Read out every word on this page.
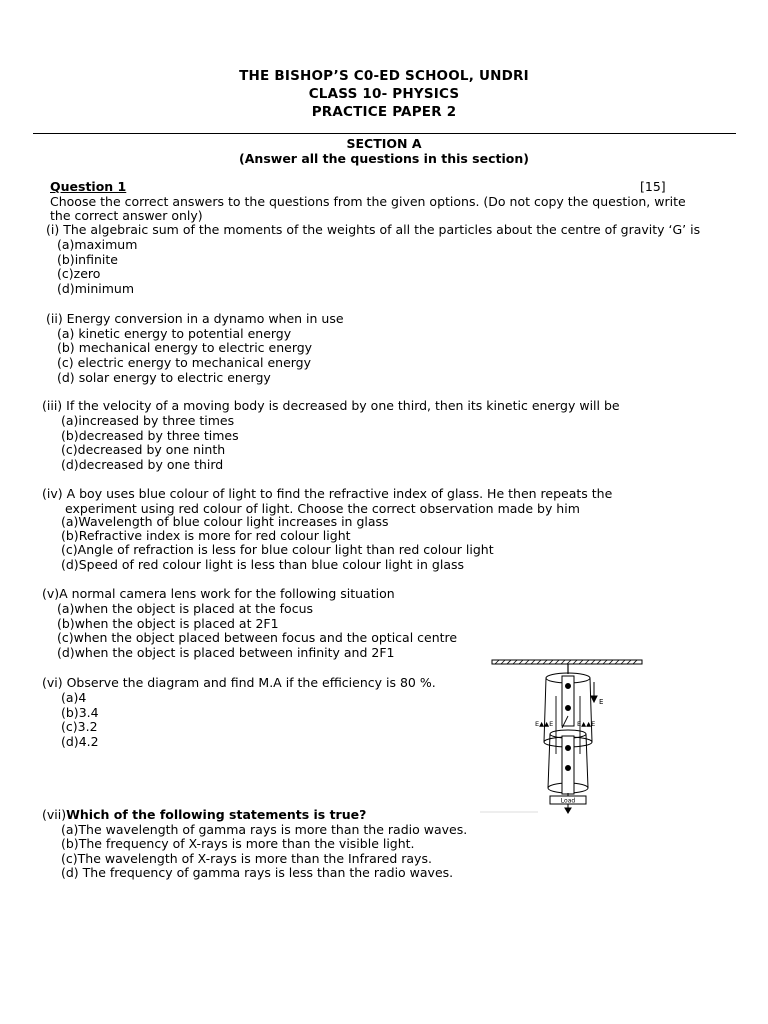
THE BISHOP’S C0-ED SCHOOL, UNDRI
CLASS 10- PHYSICS
PRACTICE PAPER 2
SECTION A
(Answer all the questions in this section)
Question 1	[15]
Choose the correct answers to the questions from the given options. (Do not copy the question, write
the correct answer only)
(i) The algebraic sum of the moments of the weights of all the particles about the centre of gravity ‘G’ is
(a)maximum
(b)infinite
(c)zero
(d)minimum
(ii) Energy conversion in a dynamo when in use
(a) kinetic energy to potential energy
(b) mechanical energy to electric energy
(c) electric energy to mechanical energy
(d) solar energy to electric energy
(iii) If the velocity of a moving body is decreased by one third, then its kinetic energy will be
(a)increased by three times
(b)decreased by three times
(c)decreased by one ninth
(d)decreased by one third
(iv) A boy uses blue colour of light to find the refractive index of glass. He then repeats the
experiment using red colour of light. Choose the correct observation made by him
(a)Wavelength of blue colour light increases in glass
(b)Refractive index is more for red colour light
(c)Angle of refraction is less for blue colour light than red colour light
(d)Speed of red colour light is less than blue colour light in glass
(v)A normal camera lens work for the following situation
(a)when the object is placed at the focus
(b)when the object is placed at 2F1
(c)when the object placed between focus and the optical centre
(d)when the object is placed between infinity and 2F1
(vi) Observe the diagram and find M.A if the efficiency is 80 %.
(a)4
(b)3.4
(c)3.2
(d)4.2
E
E▲▲E	E▲▲E
Load
(vii)Which of the following statements is true?
(a)The wavelength of gamma rays is more than the radio waves.
(b)The frequency of X-rays is more than the visible light.
(c)The wavelength of X-rays is more than the Infrared rays.
(d) The frequency of gamma rays is less than the radio waves.
